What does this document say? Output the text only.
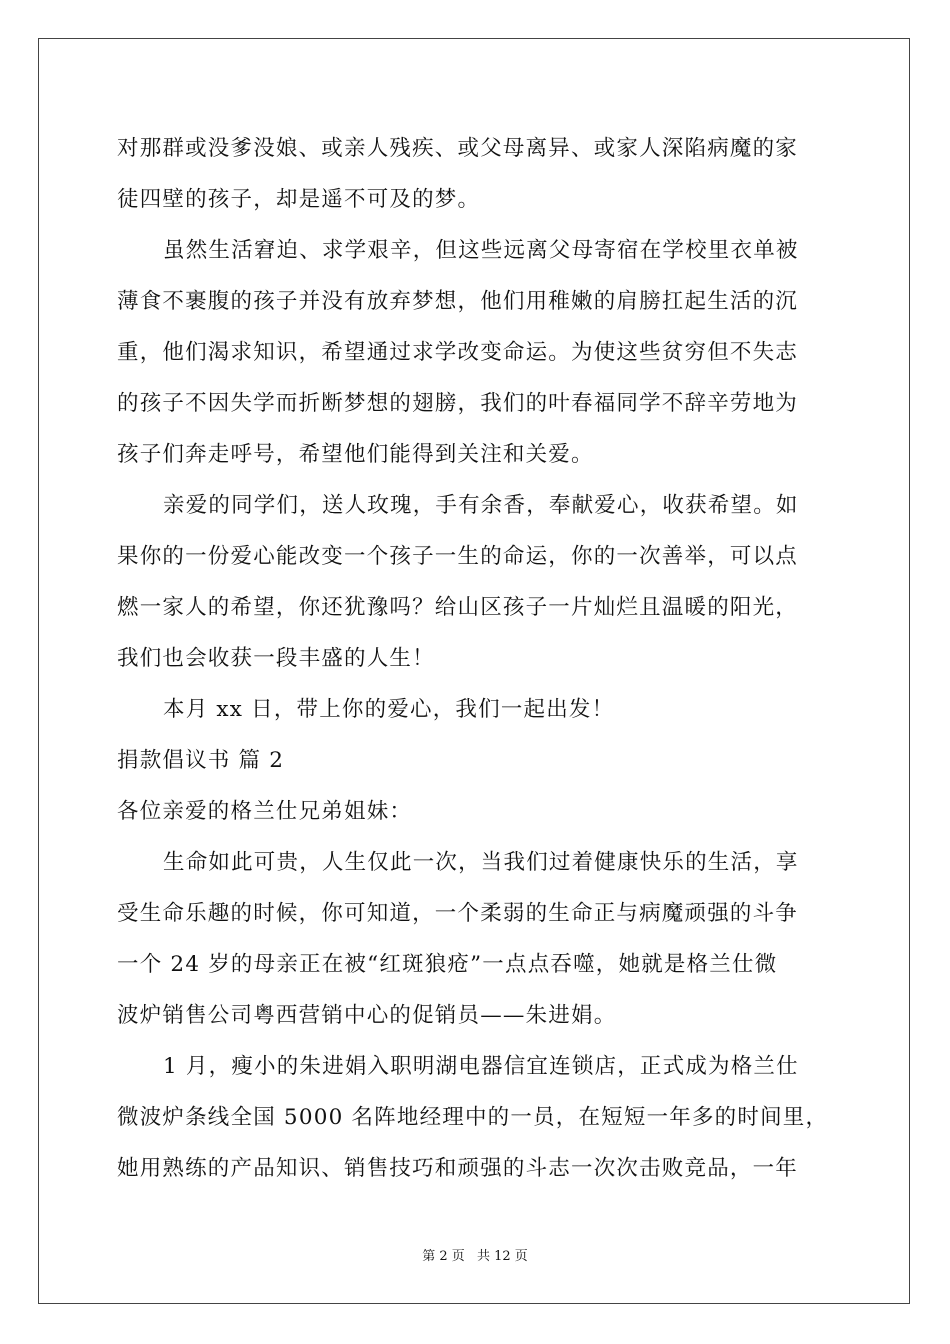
对那群或没爹没娘、或亲人残疾、或父母离异、或家人深陷病魔的家
徒四壁的孩子，却是遥不可及的梦。
虽然生活窘迫、求学艰辛，但这些远离父母寄宿在学校里衣单被
薄食不裹腹的孩子并没有放弃梦想，他们用稚嫩的肩膀扛起生活的沉
重，他们渴求知识，希望通过求学改变命运。为使这些贫穷但不失志
的孩子不因失学而折断梦想的翅膀，我们的叶春福同学不辞辛劳地为
孩子们奔走呼号，希望他们能得到关注和关爱。
亲爱的同学们，送人玫瑰，手有余香，奉献爱心，收获希望。如
果你的一份爱心能改变一个孩子一生的命运，你的一次善举，可以点
燃一家人的希望，你还犹豫吗？给山区孩子一片灿烂且温暖的阳光，
我们也会收获一段丰盛的人生！
本月 xx 日，带上你的爱心，我们一起出发！
捐款倡议书 篇 2
各位亲爱的格兰仕兄弟姐妹：
生命如此可贵，人生仅此一次，当我们过着健康快乐的生活，享
受生命乐趣的时候，你可知道，一个柔弱的生命正与病魔顽强的斗争
一个 24 岁的母亲正在被“红斑狼疮”一点点吞噬，她就是格兰仕微
波炉销售公司粤西营销中心的促销员——朱进娟。
1 月，瘦小的朱进娟入职明湖电器信宜连锁店，正式成为格兰仕
微波炉条线全国 5000 名阵地经理中的一员，在短短一年多的时间里，
她用熟练的产品知识、销售技巧和顽强的斗志一次次击败竞品，一年
第 2 页 共 12 页
